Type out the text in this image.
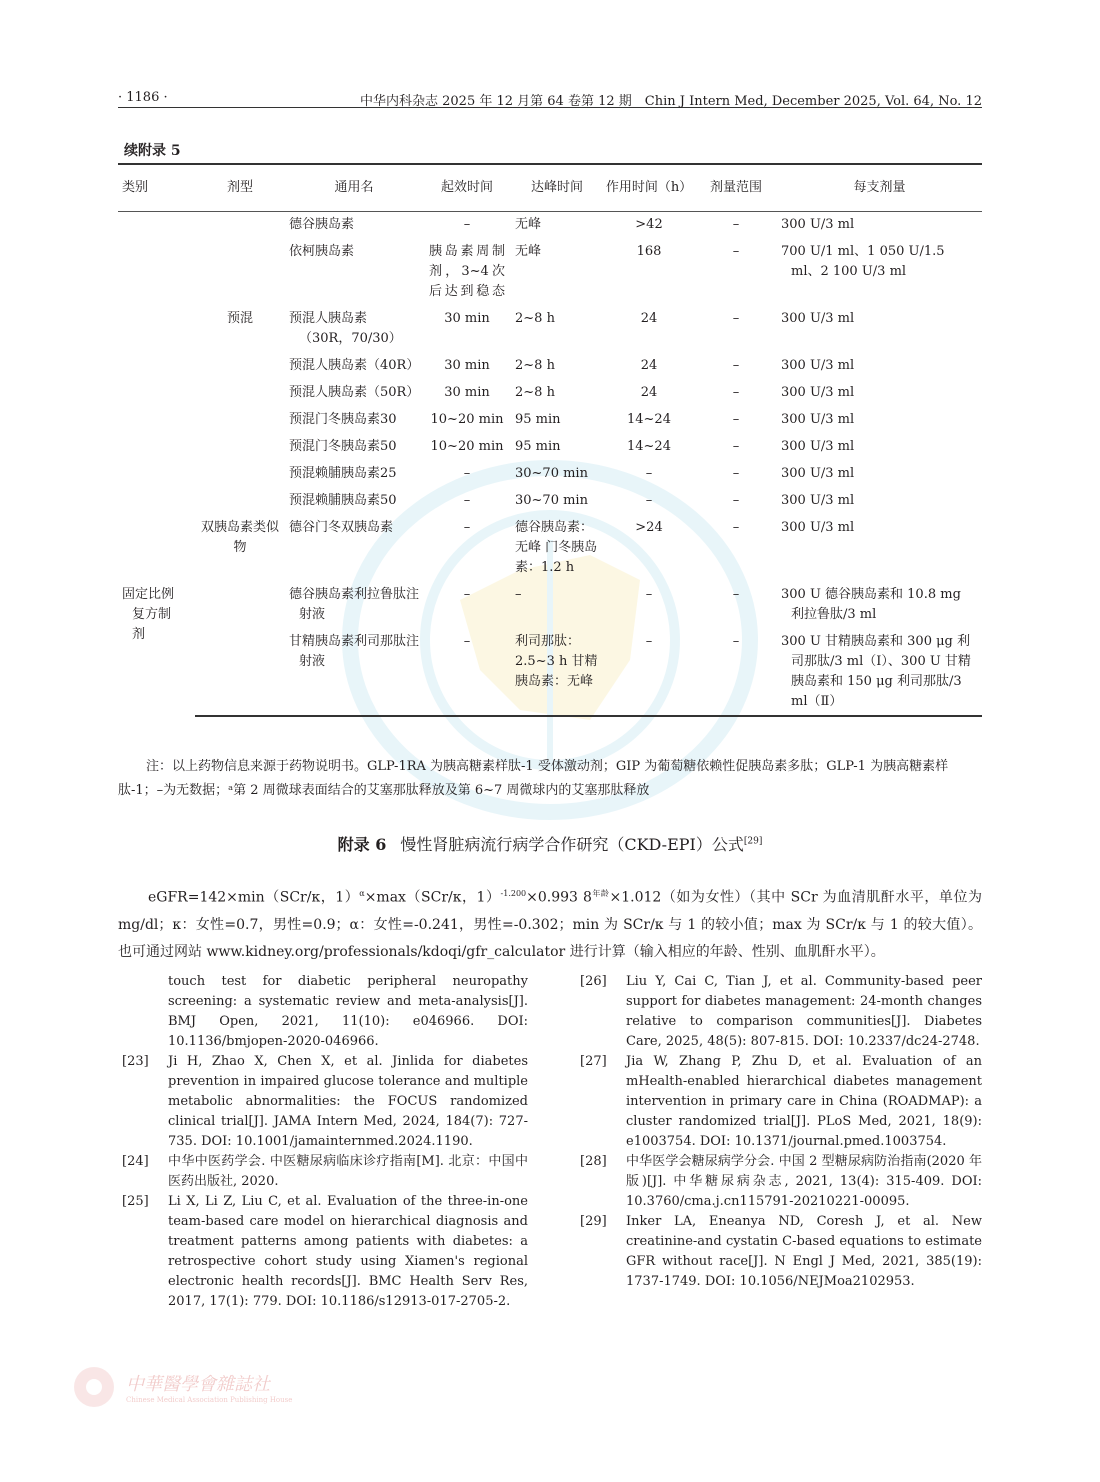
· 1186 ·	中华内科杂志 2025 年 12 月第 64 卷第 12 期　Chin J Intern Med, December 2025, Vol. 64, No. 12
续附录 5
类别	剂型	通用名	起效时间	达峰时间	作用时间（h）	剂量范围	每支剂量
		德谷胰岛素	–	无峰	>42	–	300 U/3 ml
		依柯胰岛素	胰岛素周制剂，3~4次后达到稳态	无峰	168	–	700 U/1 ml、1 050 U/1.5 ml、2 100 U/3 ml
	预混	预混人胰岛素（30R，70/30）	30 min	2~8 h	24	–	300 U/3 ml
		预混人胰岛素（40R）	30 min	2~8 h	24	–	300 U/3 ml
		预混人胰岛素（50R）	30 min	2~8 h	24	–	300 U/3 ml
		预混门冬胰岛素30	10~20 min	95 min	14~24	–	300 U/3 ml
		预混门冬胰岛素50	10~20 min	95 min	14~24	–	300 U/3 ml
		预混赖脯胰岛素25	–	30~70 min	–	–	300 U/3 ml
		预混赖脯胰岛素50	–	30~70 min	–	–	300 U/3 ml
	双胰岛素类似物	德谷门冬双胰岛素	–	德谷胰岛素：无峰 门冬胰岛素：1.2 h	>24	–	300 U/3 ml
固定比例复方制剂		德谷胰岛素利拉鲁肽注射液	–	–	–	–	300 U 德谷胰岛素和 10.8 mg 利拉鲁肽/3 ml
		甘精胰岛素利司那肽注射液	–	利司那肽：2.5~3 h 甘精胰岛素：无峰	–	–	300 U 甘精胰岛素和 300 μg 利司那肽/3 ml（Ⅰ）、300 U 甘精胰岛素和 150 μg 利司那肽/3 ml（Ⅱ）
注：以上药物信息来源于药物说明书。GLP-1RA 为胰高糖素样肽-1 受体激动剂；GIP 为葡萄糖依赖性促胰岛素多肽；GLP-1 为胰高糖素样肽-1；–为无数据；ᵃ第 2 周微球表面结合的艾塞那肽释放及第 6~7 周微球内的艾塞那肽释放
附录 6 慢性肾脏病流行病学合作研究（CKD-EPI）公式[29]
eGFR=142×min（SCr/κ，1）$^\alpha$×max（SCr/κ，1）$^{-1.200}$×0.993 $8^{年龄}\times 1.012$（如为女性）（其中 SCr 为血清肌酐水平，单位为 mg/dl；κ：女性=0.7，男性=0.9；α：女性=-0.241，男性=-0.302；min 为 SCr/κ 与 1 的较小值；max 为 SCr/κ 与 1 的较大值）。也可通过网站 www.kidney.org/professionals/kdoqi/gfr_calculator 进行计算（输入相应的年龄、性别、血肌酐水平）。
touch test for diabetic peripheral neuropathy screening: a systematic review and meta-analysis[J]. BMJ Open, 2021, 11(10): e046966. DOI: 10.1136/bmjopen-2020-046966.
[23]	Ji H, Zhao X, Chen X, et al. Jinlida for diabetes prevention in impaired glucose tolerance and multiple metabolic abnormalities: the FOCUS randomized clinical trial[J]. JAMA Intern Med, 2024, 184(7): 727-735. DOI: 10.1001/jamainternmed.2024.1190.
[24]	中华中医药学会. 中医糖尿病临床诊疗指南[M]. 北京：中国中医药出版社, 2020.
[25]	Li X, Li Z, Liu C, et al. Evaluation of the three-in-one team-based care model on hierarchical diagnosis and treatment patterns among patients with diabetes: a retrospective cohort study using Xiamen's regional electronic health records[J]. BMC Health Serv Res, 2017, 17(1): 779. DOI: 10.1186/s12913-017-2705-2.
[26]	Liu Y, Cai C, Tian J, et al. Community-based peer support for diabetes management: 24-month changes relative to comparison communities[J]. Diabetes Care, 2025, 48(5): 807-815. DOI: 10.2337/dc24-2748.
[27]	Jia W, Zhang P, Zhu D, et al. Evaluation of an mHealth-enabled hierarchical diabetes management intervention in primary care in China (ROADMAP): a cluster randomized trial[J]. PLoS Med, 2021, 18(9): e1003754. DOI: 10.1371/journal.pmed.1003754.
[28]	中华医学会糖尿病学分会. 中国 2 型糖尿病防治指南(2020 年版)[J]. 中华糖尿病杂志, 2021, 13(4): 315-409. DOI: 10.3760/cma.j.cn115791-20210221-00095.
[29]	Inker LA, Eneanya ND, Coresh J, et al. New creatinine-and cystatin C-based equations to estimate GFR without race[J]. N Engl J Med, 2021, 385(19): 1737-1749. DOI: 10.1056/NEJMoa2102953.
中華醫學會雜誌社
Chinese Medical Association Publishing House
